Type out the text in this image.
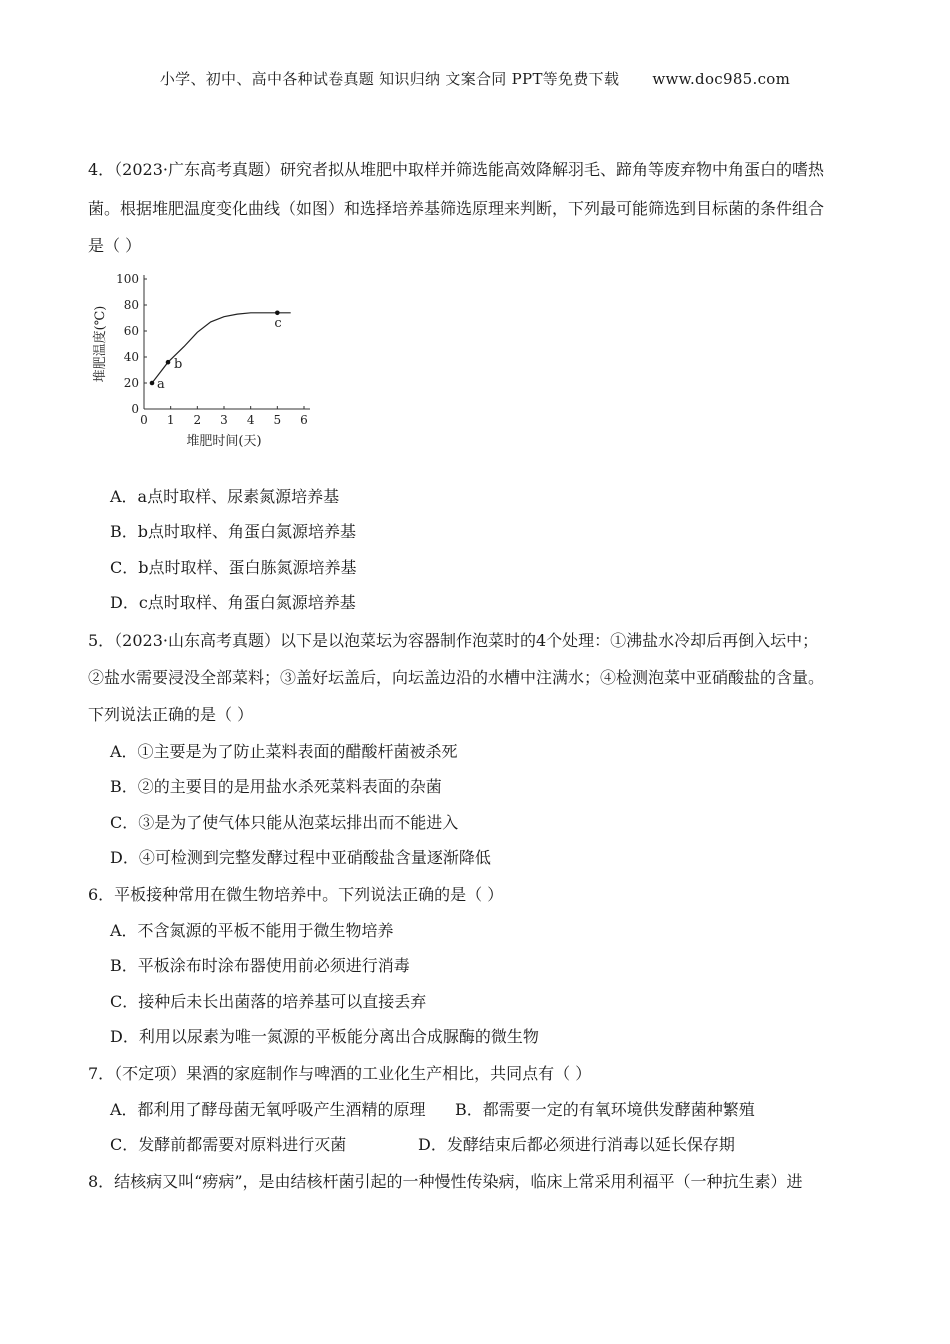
小学、初中、高中各种试卷真题 知识归纳 文案合同 PPT等免费下载 www.doc985.com
4．（2023·广东高考真题）研究者拟从堆肥中取样并筛选能高效降解羽毛、蹄角等废弃物中角蛋白的嗜热
菌。根据堆肥温度变化曲线（如图）和选择培养基筛选原理来判断，下列最可能筛选到目标菌的条件组合
是（ ）
0 1 2 3 4 5 6
0
20
40
60
80
100
堆肥时间(天)
堆肥温度(℃)
a
b
c
A．a点时取样、尿素氮源培养基
B．b点时取样、角蛋白氮源培养基
C．b点时取样、蛋白胨氮源培养基
D．c点时取样、角蛋白氮源培养基
5．（2023·山东高考真题）以下是以泡菜坛为容器制作泡菜时的4个处理：①沸盐水冷却后再倒入坛中；
②盐水需要浸没全部菜料；③盖好坛盖后，向坛盖边沿的水槽中注满水；④检测泡菜中亚硝酸盐的含量。
下列说法正确的是（ ）
A．①主要是为了防止菜料表面的醋酸杆菌被杀死
B．②的主要目的是用盐水杀死菜料表面的杂菌
C．③是为了使气体只能从泡菜坛排出而不能进入
D．④可检测到完整发酵过程中亚硝酸盐含量逐渐降低
6．平板接种常用在微生物培养中。下列说法正确的是（ ）
A．不含氮源的平板不能用于微生物培养
B．平板涂布时涂布器使用前必须进行消毒
C．接种后未长出菌落的培养基可以直接丢弃
D．利用以尿素为唯一氮源的平板能分离出合成脲酶的微生物
7．（不定项）果酒的家庭制作与啤酒的工业化生产相比，共同点有（ ）
A．都利用了酵母菌无氧呼吸产生酒精的原理 B．都需要一定的有氧环境供发酵菌种繁殖
C．发酵前都需要对原料进行灭菌	D．发酵结束后都必须进行消毒以延长保存期
8．结核病又叫“痨病”，是由结核杆菌引起的一种慢性传染病，临床上常采用利福平（一种抗生素）进
